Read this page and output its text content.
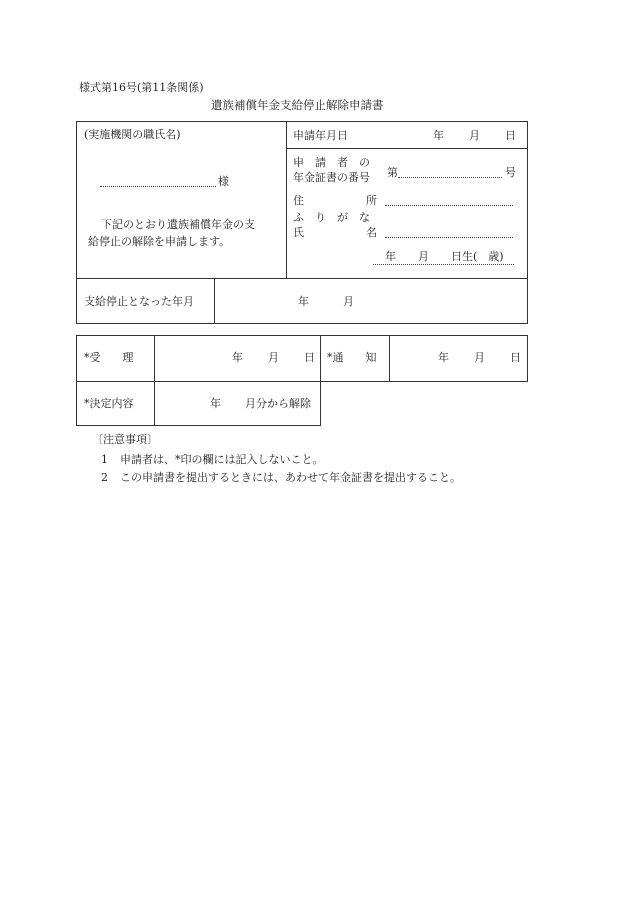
様式第16号(第11条関係)
遺族補償年金支給停止解除申請書
(実施機関の職氏名)
様
下記のとおり遺族補償年金の支
給停止の解除を申請します。
申請年月日	年 月 日
申　請　者　の
年金証書の番号 第	号
住	所
ふ　り　が　な
氏	名
年　　月　　日生(　歳)
支給停止となった年月	年	月
*受　　理	年 月 日 *通　　知	年 月 日
*決定内容	年 月分から解除
〔注意事項〕
1 申請者は、*印の欄には記入しないこと。
2 この申請書を提出するときには、あわせて年金証書を提出すること。
